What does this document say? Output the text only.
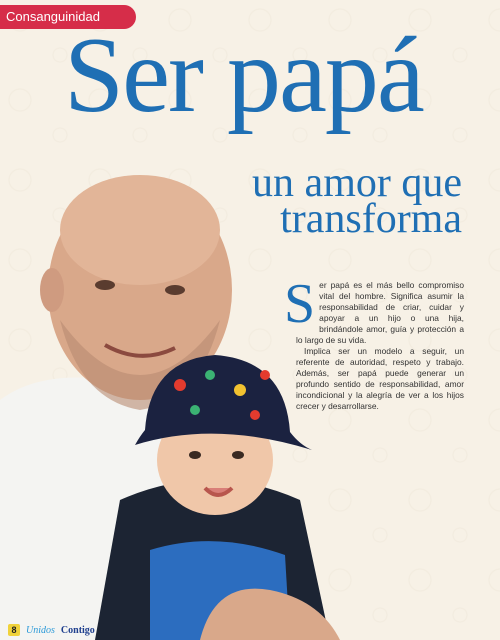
Consanguinidad
Ser papá
un amor que
transforma
S er papá es el más bello compromiso vital del hombre. Significa asumir la responsabilidad de criar, cuidar y apoyar a un hijo o una hija, brindándole amor, guía y protección a lo largo de su vida.

Implica ser un modelo a seguir, un referente de autoridad, respeto y trabajo. Además, ser papá puede generar un profundo sentido de responsabilidad, amor incondicional y la alegría de ver a los hijos crecer y desarrollarse.

8 Unidos Contigo
